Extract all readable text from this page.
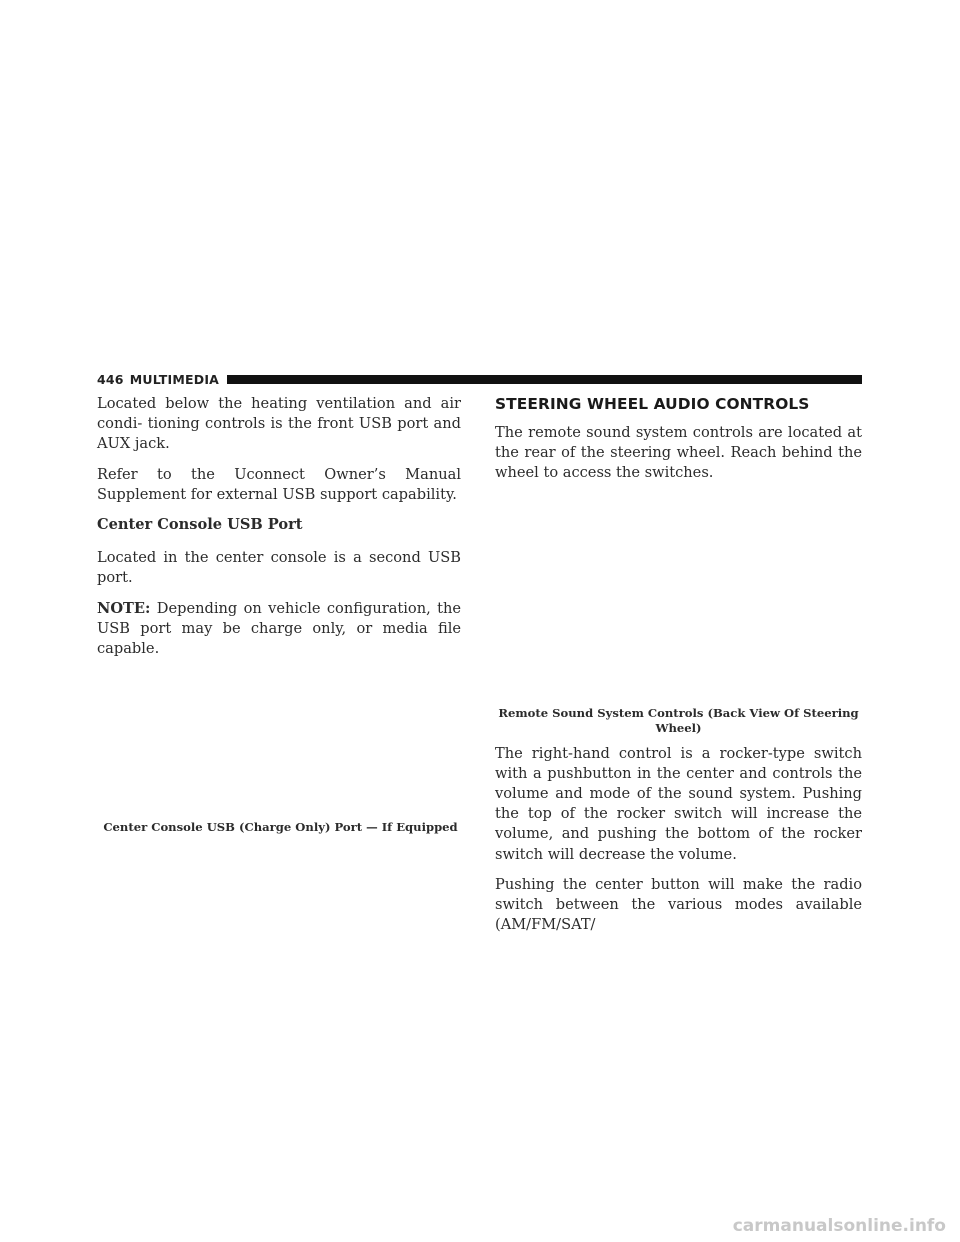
446 MULTIMEDIA

Located below the heating ventilation and air condi- tioning controls is the front USB port and AUX jack.

Refer to the Uconnect Owner’s Manual Supplement for external USB support capability.

Center Console USB Port

Located in the center console is a second USB port.

NOTE: Depending on vehicle configuration, the USB port may be charge only, or media file capable.

Center Console USB (Charge Only) Port — If Equipped
STEERING WHEEL AUDIO CONTROLS

The remote sound system controls are located at the rear of the steering wheel. Reach behind the wheel to access the switches.

Remote Sound System Controls (Back View Of Steering Wheel)

The right-hand control is a rocker-type switch with a pushbutton in the center and controls the volume and mode of the sound system. Pushing the top of the rocker switch will increase the volume, and pushing the bottom of the rocker switch will decrease the volume.

Pushing the center button will make the radio switch between the various modes available (AM/FM/SAT/

carmanualsonline.info
